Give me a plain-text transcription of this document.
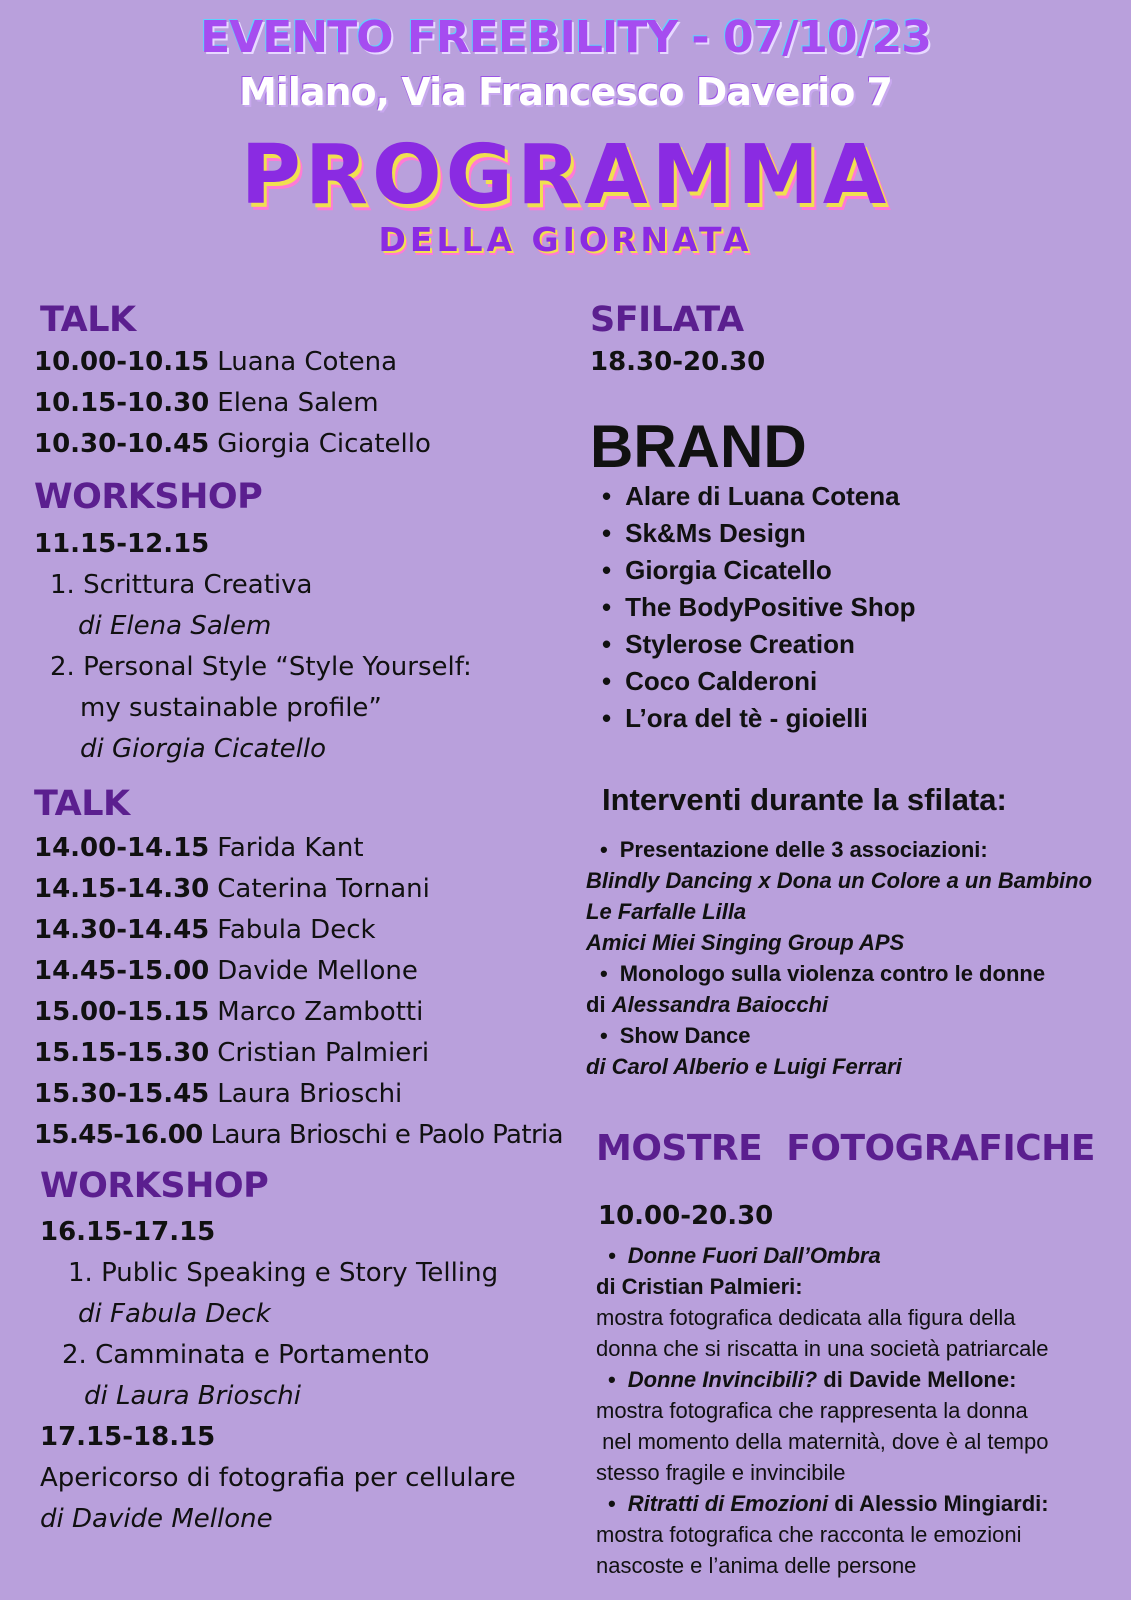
EVENTO FREEBILITY - 07/10/23
Milano, Via Francesco Daverio 7
PROGRAMMA
DELLA GIORNATA
TALK
10.00-10.15 Luana Cotena
10.15-10.30 Elena Salem
10.30-10.45 Giorgia Cicatello
WORKSHOP
11.15-12.15
1. Scrittura Creativa
di Elena Salem
2. Personal Style “Style Yourself:
my sustainable profile”
di Giorgia Cicatello
TALK
14.00-14.15 Farida Kant
14.15-14.30 Caterina Tornani
14.30-14.45 Fabula Deck
14.45-15.00 Davide Mellone
15.00-15.15 Marco Zambotti
15.15-15.30 Cristian Palmieri
15.30-15.45 Laura Brioschi
15.45-16.00 Laura Brioschi e Paolo Patria
WORKSHOP
16.15-17.15
1. Public Speaking e Story Telling
di Fabula Deck
2. Camminata e Portamento
di Laura Brioschi
17.15-18.15
Apericorso di fotografia per cellulare
di Davide Mellone
SFILATA
18.30-20.30
BRAND
• Alare di Luana Cotena
• Sk&Ms Design
• Giorgia Cicatello
• The BodyPositive Shop
• Stylerose Creation
• Coco Calderoni
• L’ora del tè - gioielli
Interventi durante la sfilata:
• Presentazione delle 3 associazioni:
Blindly Dancing x Dona un Colore a un Bambino
Le Farfalle Lilla
Amici Miei Singing Group APS
• Monologo sulla violenza contro le donne
di Alessandra Baiocchi
• Show Dance
di Carol Alberio e Luigi Ferrari
MOSTRE  FOTOGRAFICHE
10.00-20.30
• Donne Fuori Dall’Ombra
di Cristian Palmieri:
mostra fotografica dedicata alla figura della
donna che si riscatta in una società patriarcale
• Donne Invincibili? di Davide Mellone:
mostra fotografica che rappresenta la donna
nel momento della maternità, dove è al tempo
stesso fragile e invincibile
• Ritratti di Emozioni di Alessio Mingiardi:
mostra fotografica che racconta le emozioni
nascoste e l’anima delle persone
